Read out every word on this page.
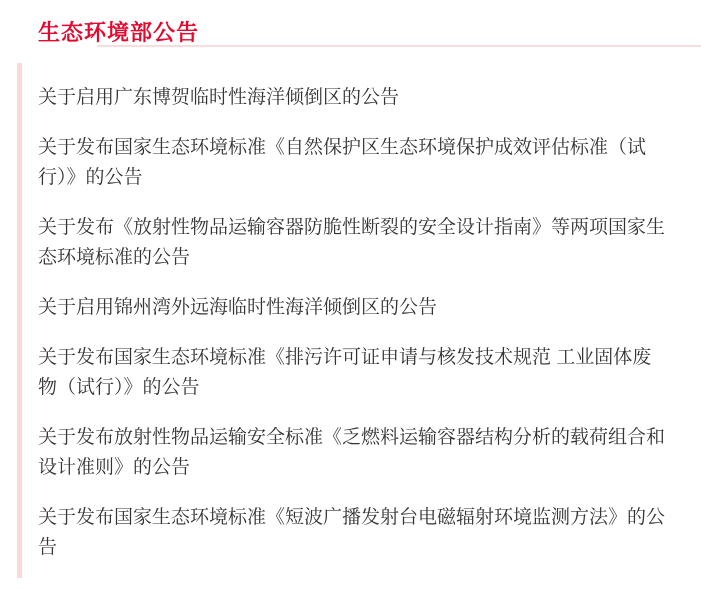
生态环境部公告
关于启用广东博贺临时性海洋倾倒区的公告
关于发布国家生态环境标准《自然保护区生态环境保护成效评估标准（试行）》的公告
关于发布《放射性物品运输容器防脆性断裂的安全设计指南》等两项国家生态环境标准的公告
关于启用锦州湾外远海临时性海洋倾倒区的公告
关于发布国家生态环境标准《排污许可证申请与核发技术规范 工业固体废物（试行）》的公告
关于发布放射性物品运输安全标准《乏燃料运输容器结构分析的载荷组合和设计准则》的公告
关于发布国家生态环境标准《短波广播发射台电磁辐射环境监测方法》的公告
